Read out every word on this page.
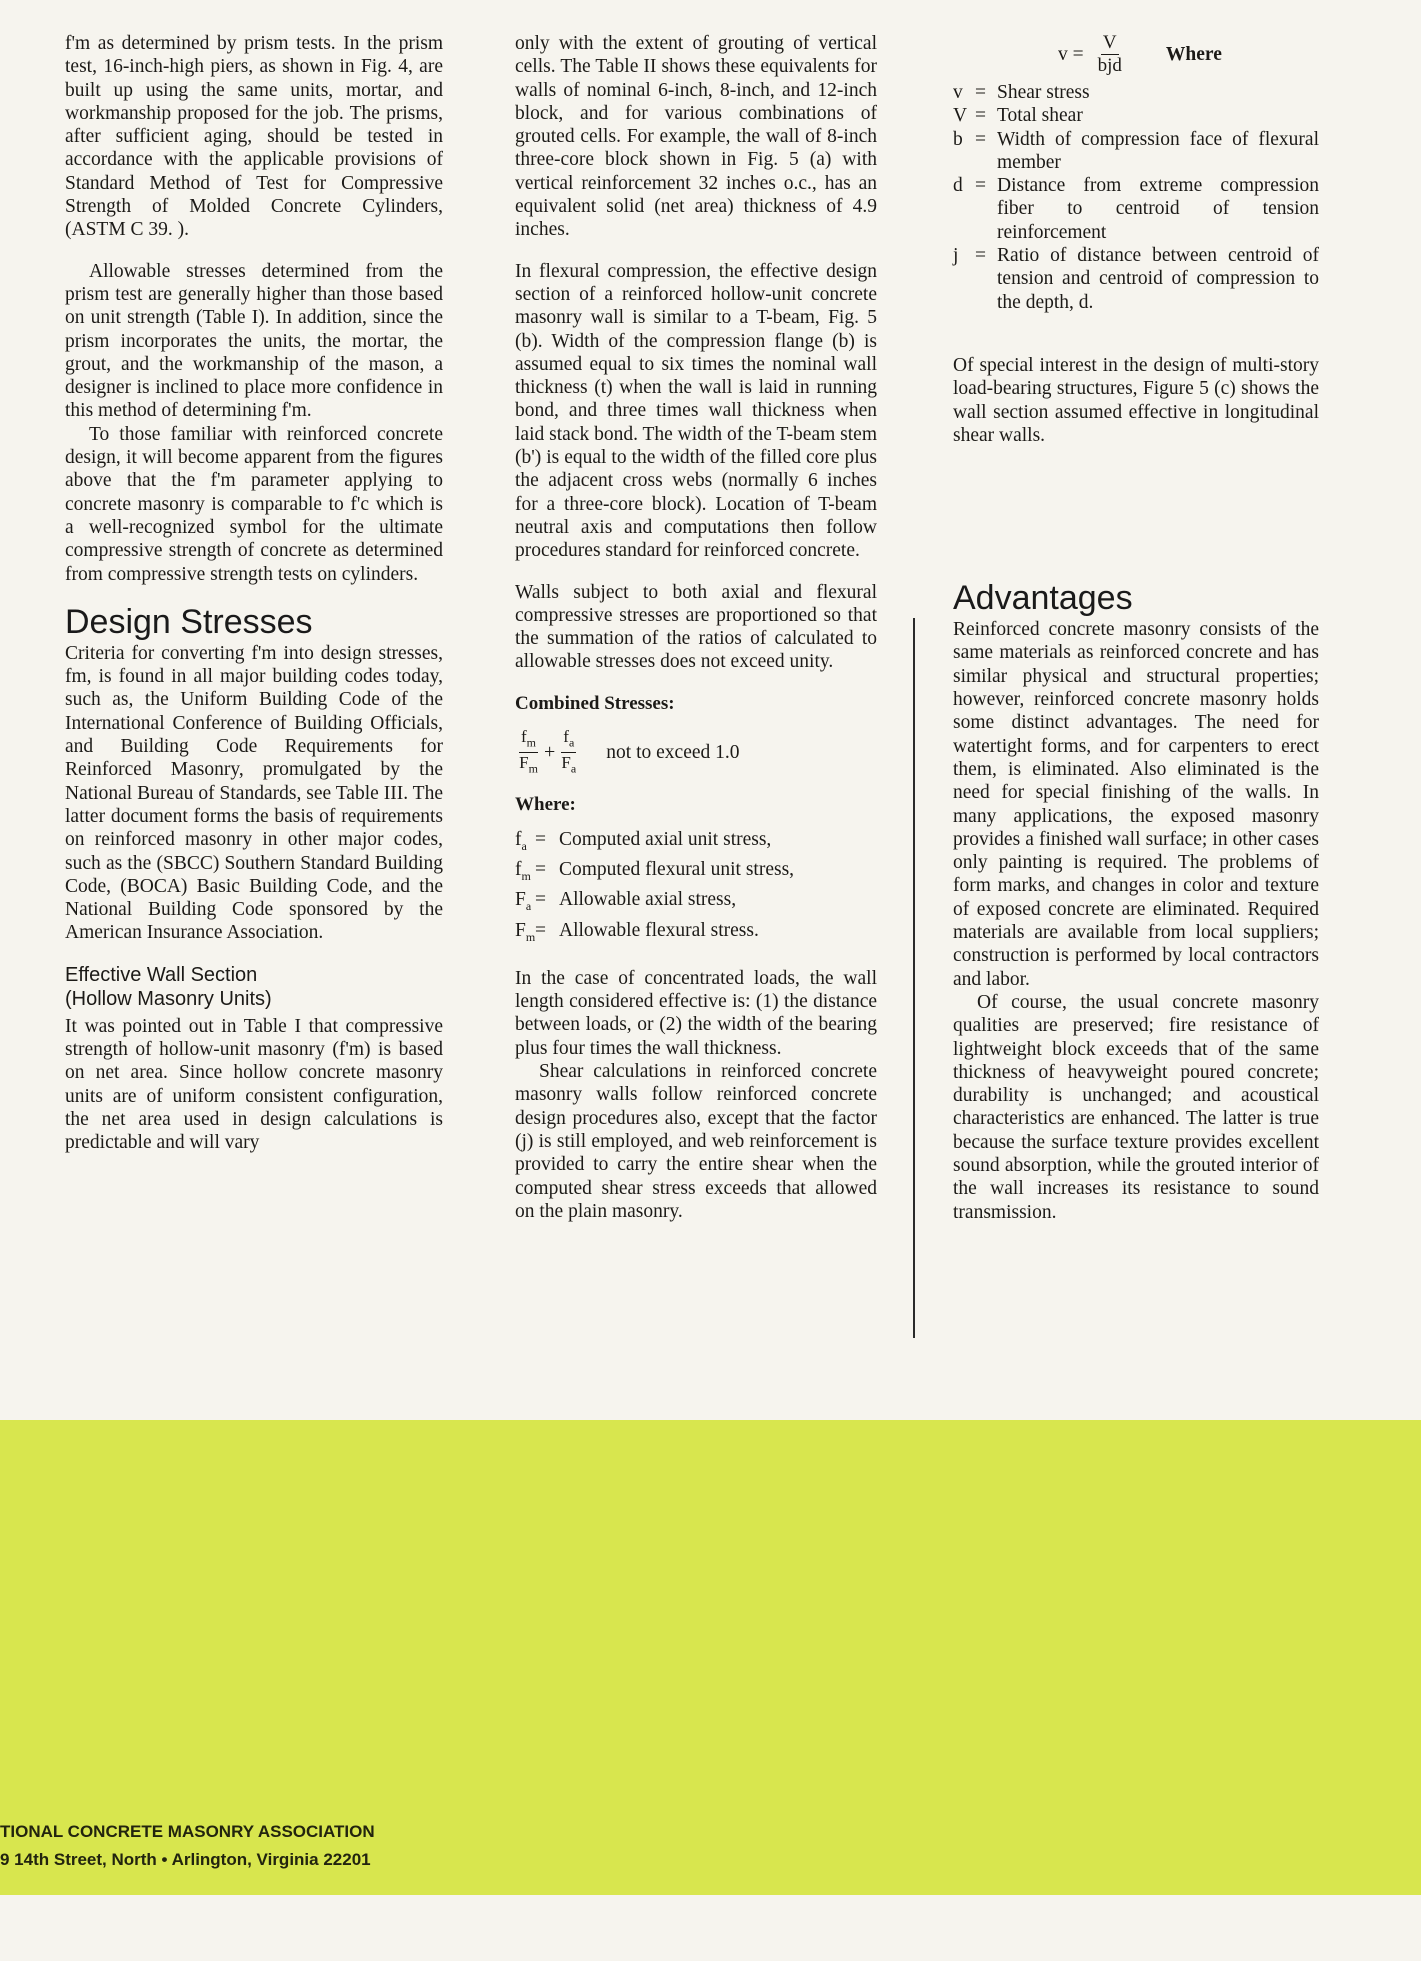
f'm as determined by prism tests. In the prism test, 16-inch-high piers, as shown in Fig. 4, are built up using the same units, mortar, and workmanship proposed for the job. The prisms, after sufficient aging, should be tested in accordance with the applicable provisions of Standard Method of Test for Compressive Strength of Molded Concrete Cylinders, (ASTM C 39. ).

Allowable stresses determined from the prism test are generally higher than those based on unit strength (Table I). In addition, since the prism incorporates the units, the mortar, the grout, and the workmanship of the mason, a designer is inclined to place more confidence in this method of determining f'm.

To those familiar with reinforced concrete design, it will become apparent from the figures above that the f'm parameter applying to concrete masonry is comparable to f'c which is a well-recognized symbol for the ultimate compressive strength of concrete as determined from compressive strength tests on cylinders.

Design Stresses

Criteria for converting f'm into design stresses, fm, is found in all major building codes today, such as, the Uniform Building Code of the International Conference of Building Officials, and Building Code Requirements for Reinforced Masonry, promulgated by the National Bureau of Standards, see Table III. The latter document forms the basis of requirements on reinforced masonry in other major codes, such as the (SBCC) Southern Standard Building Code, (BOCA) Basic Building Code, and the National Building Code sponsored by the American Insurance Association.

Effective Wall Section
(Hollow Masonry Units)

It was pointed out in Table I that compressive strength of hollow-unit masonry (f'm) is based on net area. Since hollow concrete masonry units are of uniform consistent configuration, the net area used in design calculations is predictable and will vary

only with the extent of grouting of vertical cells. The Table II shows these equivalents for walls of nominal 6-inch, 8-inch, and 12-inch block, and for various combinations of grouted cells. For example, the wall of 8-inch three-core block shown in Fig. 5 (a) with vertical reinforcement 32 inches o.c., has an equivalent solid (net area) thickness of 4.9 inches.

In flexural compression, the effective design section of a reinforced hollow-unit concrete masonry wall is similar to a T-beam, Fig. 5 (b). Width of the compression flange (b) is assumed equal to six times the nominal wall thickness (t) when the wall is laid in running bond, and three times wall thickness when laid stack bond. The width of the T-beam stem (b') is equal to the width of the filled core plus the adjacent cross webs (normally 6 inches for a three-core block). Location of T-beam neutral axis and computations then follow procedures standard for reinforced concrete.

Walls subject to both axial and flexural compressive stresses are proportioned so that the summation of the ratios of calculated to allowable stresses does not exceed unity.

Combined Stresses:
$\frac{f_m}{F_m} + \frac{f_a}{F_a}$ not to exceed 1.0
Where:
$f_a$ = Computed axial unit stress,
$f_m$ = Computed flexural unit stress,
$F_a$ = Allowable axial stress,
$F_m$ = Allowable flexural stress.

In the case of concentrated loads, the wall length considered effective is: (1) the distance between loads, or (2) the width of the bearing plus four times the wall thickness.

Shear calculations in reinforced concrete masonry walls follow reinforced concrete design procedures also, except that the factor (j) is still employed, and web reinforcement is provided to carry the entire shear when the computed shear stress exceeds that allowed on the plain masonry.

$v = \frac{V}{\text{bjd}}$ Where
v = Shear stress
V = Total shear
b = Width of compression face of flexural member
d = Distance from extreme compression fiber to centroid of tension reinforcement
j = Ratio of distance between centroid of tension and centroid of compression to the depth, d.

Of special interest in the design of multi-story load-bearing structures, Figure 5 (c) shows the wall section assumed effective in longitudinal shear walls.

Advantages

Reinforced concrete masonry consists of the same materials as reinforced concrete and has similar physical and structural properties; however, reinforced concrete masonry holds some distinct advantages. The need for watertight forms, and for carpenters to erect them, is eliminated. Also eliminated is the need for special finishing of the walls. In many applications, the exposed masonry provides a finished wall surface; in other cases only painting is required. The problems of form marks, and changes in color and texture of exposed concrete are eliminated. Required materials are available from local suppliers; construction is performed by local contractors and labor.

Of course, the usual concrete masonry qualities are preserved; fire resistance of lightweight block exceeds that of the same thickness of heavyweight poured concrete; durability is unchanged; and acoustical characteristics are enhanced. The latter is true because the surface texture provides excellent sound absorption, while the grouted interior of the wall increases its resistance to sound transmission.

TIONAL CONCRETE MASONRY ASSOCIATION
9 14th Street, North • Arlington, Virginia 22201
